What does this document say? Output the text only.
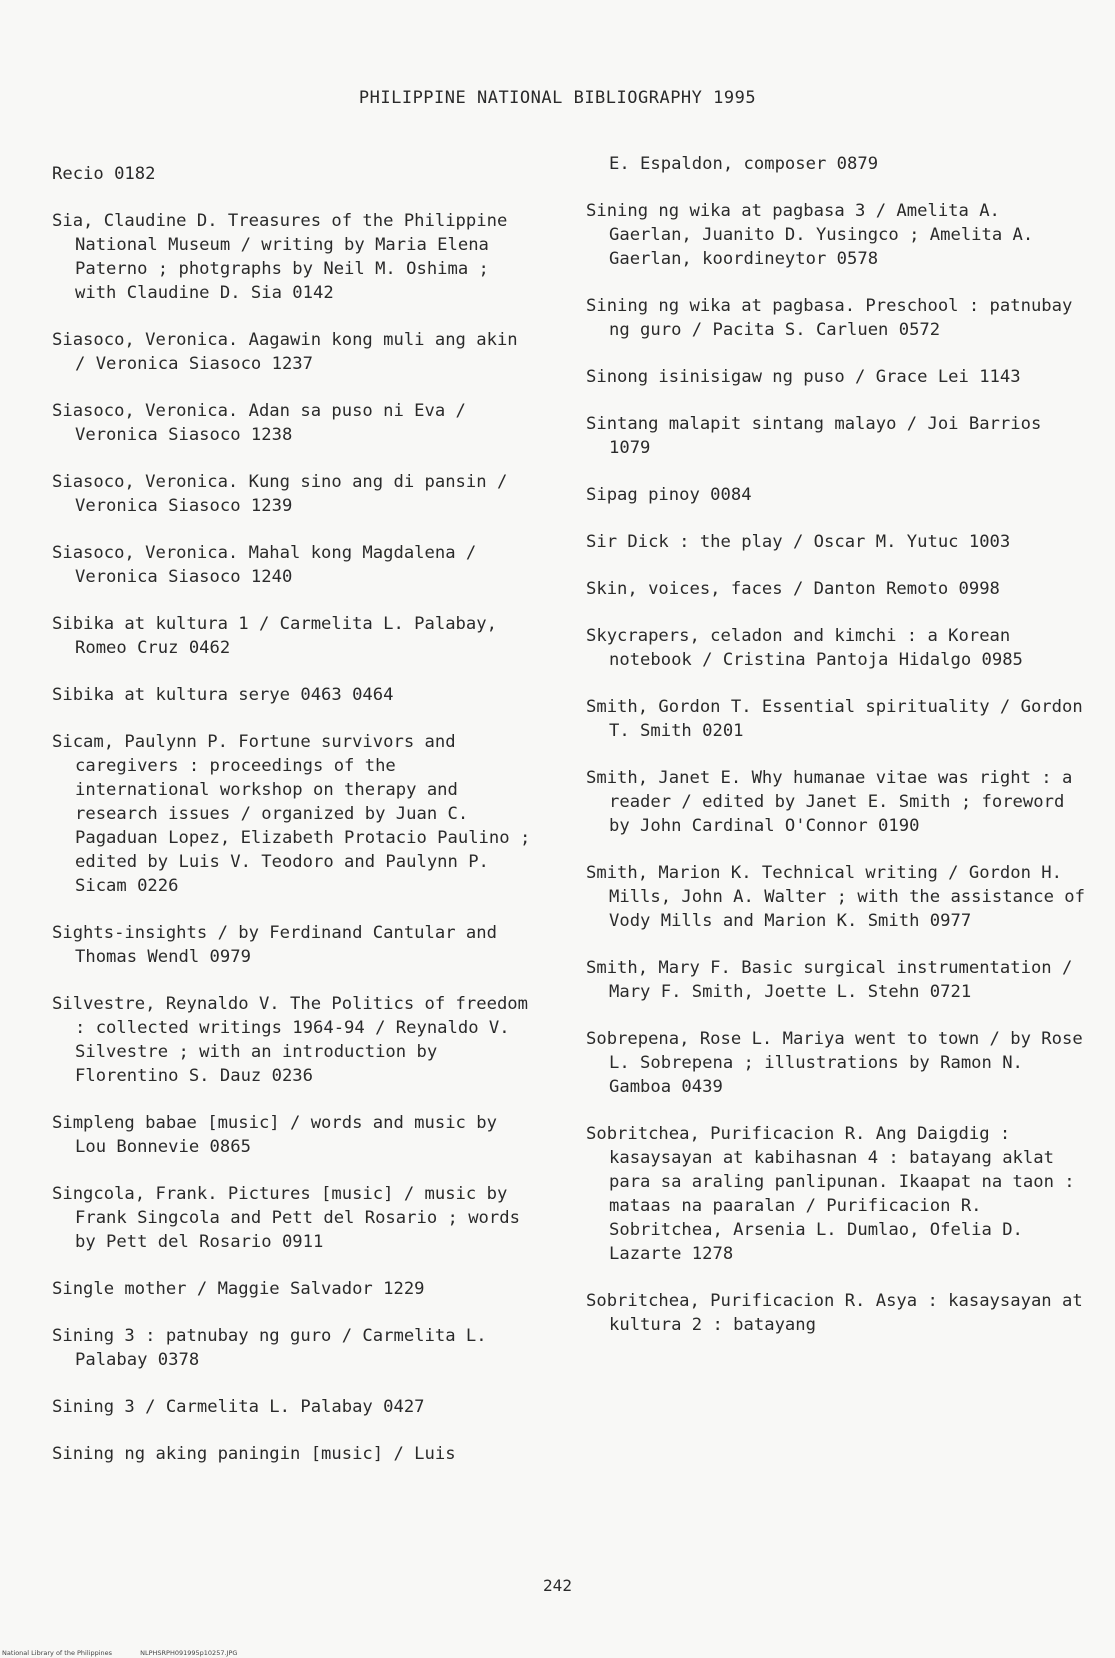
PHILIPPINE NATIONAL BIBLIOGRAPHY 1995

Recio 0182

Sia, Claudine D. Treasures of the Philippine National Museum / writing by Maria Elena Paterno ; photgraphs by Neil M. Oshima ; with Claudine D. Sia 0142

Siasoco, Veronica. Aagawin kong muli ang akin / Veronica Siasoco 1237

Siasoco, Veronica. Adan sa puso ni Eva / Veronica Siasoco 1238

Siasoco, Veronica. Kung sino ang di pansin / Veronica Siasoco 1239

Siasoco, Veronica. Mahal kong Magdalena / Veronica Siasoco 1240

Sibika at kultura 1 / Carmelita L. Palabay, Romeo Cruz 0462

Sibika at kultura serye 0463 0464

Sicam, Paulynn P. Fortune survivors and caregivers : proceedings of the international workshop on therapy and research issues / organized by Juan C. Pagaduan Lopez, Elizabeth Protacio Paulino ; edited by Luis V. Teodoro and Paulynn P. Sicam 0226

Sights-insights / by Ferdinand Cantular and Thomas Wendl 0979

Silvestre, Reynaldo V. The Politics of freedom : collected writings 1964-94 / Reynaldo V. Silvestre ; with an introduction by Florentino S. Dauz 0236

Simpleng babae [music] / words and music by Lou Bonnevie 0865

Singcola, Frank. Pictures [music] / music by Frank Singcola and Pett del Rosario ; words by Pett del Rosario 0911

Single mother / Maggie Salvador 1229

Sining 3 : patnubay ng guro / Carmelita L. Palabay 0378

Sining 3 / Carmelita L. Palabay 0427

Sining ng aking paningin [music] / Luis

E. Espaldon, composer 0879

Sining ng wika at pagbasa 3 / Amelita A. Gaerlan, Juanito D. Yusingco ; Amelita A. Gaerlan, koordineytor 0578

Sining ng wika at pagbasa. Preschool : patnubay ng guro / Pacita S. Carluen 0572

Sinong isinisigaw ng puso / Grace Lei 1143

Sintang malapit sintang malayo / Joi Barrios 1079

Sipag pinoy 0084

Sir Dick : the play / Oscar M. Yutuc 1003

Skin, voices, faces / Danton Remoto 0998

Skycrapers, celadon and kimchi : a Korean notebook / Cristina Pantoja Hidalgo 0985

Smith, Gordon T. Essential spirituality / Gordon T. Smith 0201

Smith, Janet E. Why humanae vitae was right : a reader / edited by Janet E. Smith ; foreword by John Cardinal O'Connor 0190

Smith, Marion K. Technical writing / Gordon H. Mills, John A. Walter ; with the assistance of Vody Mills and Marion K. Smith 0977

Smith, Mary F. Basic surgical instrumentation / Mary F. Smith, Joette L. Stehn 0721

Sobrepena, Rose L. Mariya went to town / by Rose L. Sobrepena ; illustrations by Ramon N. Gamboa 0439

Sobritchea, Purificacion R. Ang Daigdig : kasaysayan at kabihasnan 4 : batayang aklat para sa araling panlipunan. Ikaapat na taon : mataas na paaralan / Purificacion R. Sobritchea, Arsenia L. Dumlao, Ofelia D. Lazarte 1278

Sobritchea, Purificacion R. Asya : kasaysayan at kultura 2 : batayang

242
National Library of the Philippines	NLPHSRPH091995p10257.JPG
